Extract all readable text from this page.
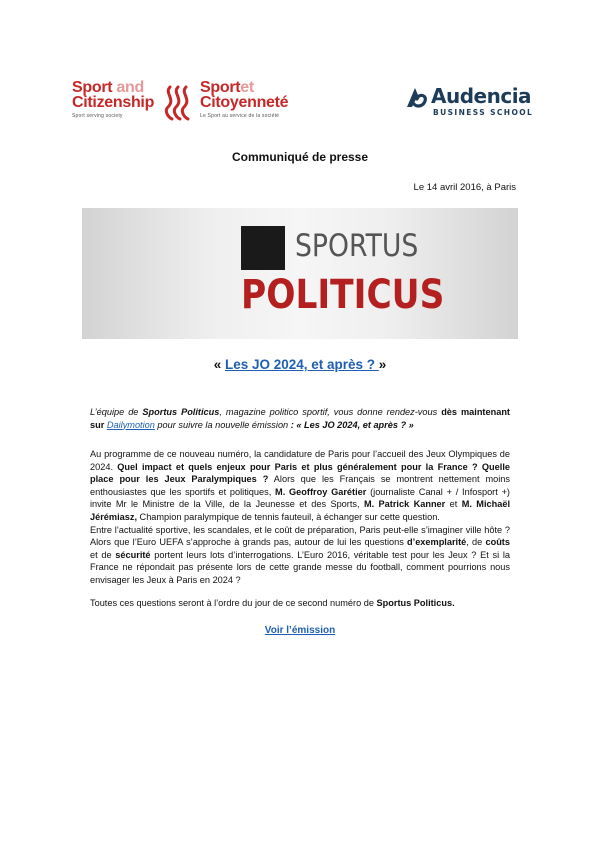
Sport and
Citizenship
Sport serving society
Sportet
Citoyenneté
Le Sport au service de la société
Audencia
BUSINESS SCHOOL
Communiqué de presse
Le 14 avril 2016, à Paris
SPORTUS
POLITICUS
« Les JO 2024, et après ? »
L’équipe de Sportus Politicus, magazine politico sportif, vous donne rendez-vous dès maintenant sur Dailymotion pour suivre la nouvelle émission : « Les JO 2024, et après ? »
Au programme de ce nouveau numéro, la candidature de Paris pour l’accueil des Jeux Olympiques de 2024. Quel impact et quels enjeux pour Paris et plus généralement pour la France ? Quelle place pour les Jeux Paralympiques ? Alors que les Français se montrent nettement moins enthousiastes que les sportifs et politiques, M. Geoffroy Garétier (journaliste Canal + / Infosport +) invite Mr le Ministre de la Ville, de la Jeunesse et des Sports, M. Patrick Kanner et M. Michaël Jérémiasz, Champion paralympique de tennis fauteuil, à échanger sur cette question.
Entre l’actualité sportive, les scandales, et le coût de préparation, Paris peut-elle s’imaginer ville hôte ? Alors que l’Euro UEFA s’approche à grands pas, autour de lui les questions d’exemplarité, de coûts et de sécurité portent leurs lots d’interrogations. L’Euro 2016, véritable test pour les Jeux ? Et si la France ne répondait pas présente lors de cette grande messe du football, comment pourrions nous envisager les Jeux à Paris en 2024 ?
Toutes ces questions seront à l’ordre du jour de ce second numéro de Sportus Politicus.
Voir l’émission
